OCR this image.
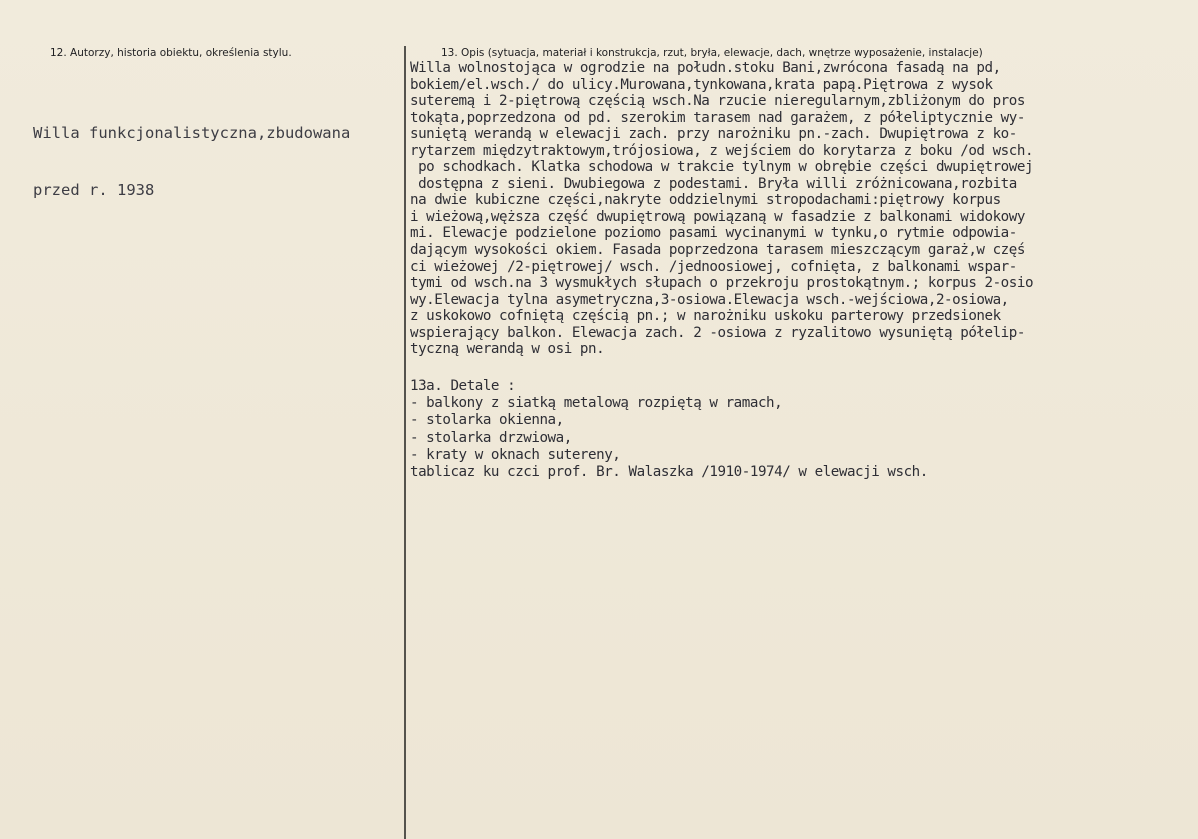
12. Autorzy, historia obiektu, określenia stylu.	13. Opis (sytuacja, materiał i konstrukcja, rzut, bryła, elewacje, dach, wnętrze wyposażenie, instalacje)

Willa funkcjonalistyczna,zbudowana

przed r. 1938

Willa wolnostojąca w ogrodzie na połudn.stoku Bani,zwrócona fasadą na pd,
bokiem/el.wsch./ do ulicy.Murowana,tynkowana,krata papą.Piętrowa z wysok
suteremą i 2-piętrową częścią wsch.Na rzucie nieregularnym,zbliżonym do pros
tokąta,poprzedzona od pd. szerokim tarasem nad garażem, z półeliptycznie wy-
suniętą werandą w elewacji zach. przy narożniku pn.-zach. Dwupiętrowa z ko-
rytarzem międzytraktowym,trójosiowa, z wejściem do korytarza z boku /od wsch.
po schodkach. Klatka schodowa w trakcie tylnym w obrębie części dwupiętrowej
dostępna z sieni. Dwubiegowa z podestami. Bryła willi zróżnicowana,rozbita
na dwie kubiczne części,nakryte oddzielnymi stropodachami:piętrowy korpus
i wieżową,węższa część dwupiętrową powiązaną w fasadzie z balkonami widokowy
mi. Elewacje podzielone poziomo pasami wycinanymi w tynku,o rytmie odpowia-
dającym wysokości okiem. Fasada poprzedzona tarasem mieszczącym garaż,w częś
ci wieżowej /2-piętrowej/ wsch. /jednoosiowej, cofnięta, z balkonami wspar-
tymi od wsch.na 3 wysmukłych słupach o przekroju prostokątnym.; korpus 2-osio
wy.Elewacja tylna asymetryczna,3-osiowa.Elewacja wsch.-wejściowa,2-osiowa,
z uskokowo cofniętą częścią pn.; w narożniku uskoku parterowy przedsionek
wspierający balkon. Elewacja zach. 2 -osiowa z ryzalitowo wysuniętą półelip-
tyczną werandą w osi pn.
13a. Detale :
- balkony z siatką metalową rozpiętą w ramach,
- stolarka okienna,
- stolarka drzwiowa,
- kraty w oknach sutereny,
tablicaz ku czci prof. Br. Walaszka /1910-1974/ w elewacji wsch.
